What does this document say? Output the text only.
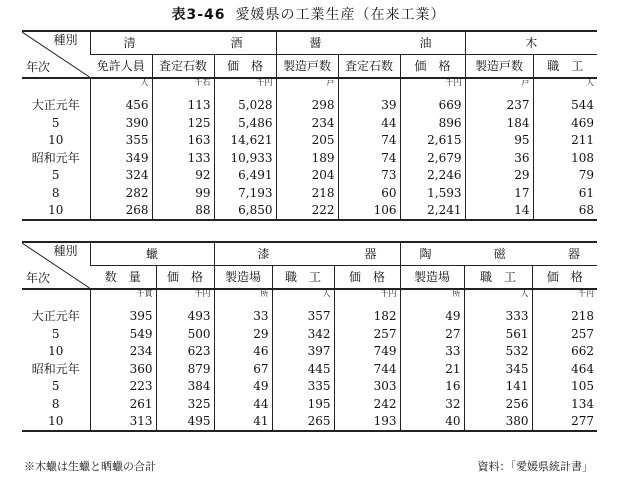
表3-46 愛媛県の工業生産（在来工業）
種別
年次	清 酒			醤 油			木	
	免許人員	査定石数	価　格	製造戸数	査定石数	価　格	製造戸数	職　工
	人	千石	千円	戸		千円	戸	人
大正元年	456	113	5,028	298	39	669	237	544
5	390	125	5,486	234	44	896	184	469
10	355	163	14,621	205	74	2,615	95	211
昭和元年	349	133	10,933	189	74	2,679	36	108
5	324	92	6,491	204	73	2,246	29	79
8	282	99	7,193	218	60	1,593	17	61
10	268	88	6,850	222	106	2,241	14	68
種別
年次	蠟		漆 器			陶 磁 器		

	数　量	価　格	製造場	職　工	価　格	製造場	職　工	価　格
	千貫	千円	所	人	千円	所	人	千円
大正元年	395	493	33	357	182	49	333	218
5	549	500	29	342	257	27	561	257
10	234	623	46	397	749	33	532	662
昭和元年	360	879	67	445	744	21	345	464
5	223	384	49	335	303	16	141	105
8	261	325	44	195	242	32	256	134
10	313	495	41	265	193	40	380	277
※木蠟は生蠟と晒蠟の合計	資料：「愛媛県統計書」
